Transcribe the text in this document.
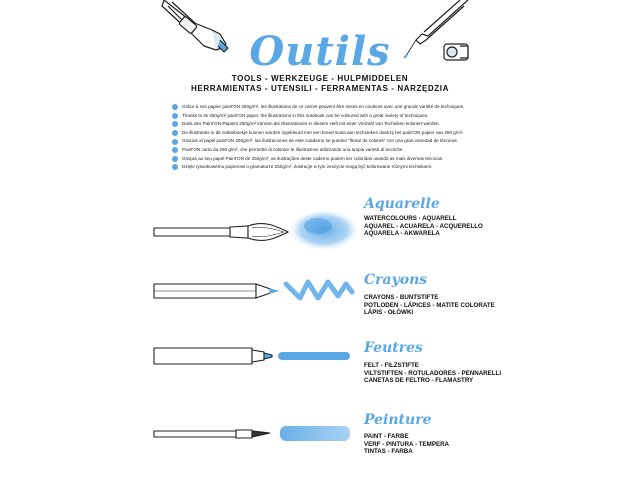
Outils
TOOLS - WERKZEUGE - HULPMIDDELEN
HERRAMIENTAS - UTENSILI - FERRAMENTAS - NARZĘDZIA
Grâce à son papier paint'ON 250g/m², les illustrations de ce carnet peuvent être mises en couleurs avec une grande variété de techniques.
Thanks to its 250g/m² paint'ON paper, the illustrations in this notebook can be coloured with a great variety of techniques.
Dank des Paint'ON-Papiers 250g/m² können die Illustrationen in diesem Heft mit einer Vielzahl von Techniken koloriert werden.
De illustraties in dit notitieboekje kunnen worden ingekleurd met een breed scala aan technieken dankzij het paint'ON papier van 250 g/m².
Gracias al papel paint'ON 250g/m², las ilustraciones de este cuaderno se pueden "llenar de colores" con una gran variedad de técnicas.
Paint'ON carta da 250 g/m², che permette di colorare le illustrazioni utilizzando una ampia varietà di tecniche.
Graças ao seu papel Paint'ON de 250g/m², as ilustrações deste caderno podem ser coloridas usando as mais diversas técnicas.
Dzięki rysunkowemu papierowi o gramaturze 250g/m², ilustracje w tym zeszycie mogą być kolorowane różnymi technikami.
Aquarelle
WATERCOLOURS - AQUARELL
AQUAREL - ACUARELA - ACQUERELLO
AQUARELA - AKWARELA
Crayons
CRAYONS - BUNTSTIFTE
POTLODEN - LÁPICES - MATITE COLORATE
LÁPIS - OŁÓWKI
Feutres
FELT - FILZSTIFTE
VILTSTIFTEN - ROTULADORES - PENNARELLI
CANETAS DE FELTRO - FLAMASTRY
Peinture
PAINT - FARBE
VERF - PINTURA - TEMPERA
TINTAS - FARBA
